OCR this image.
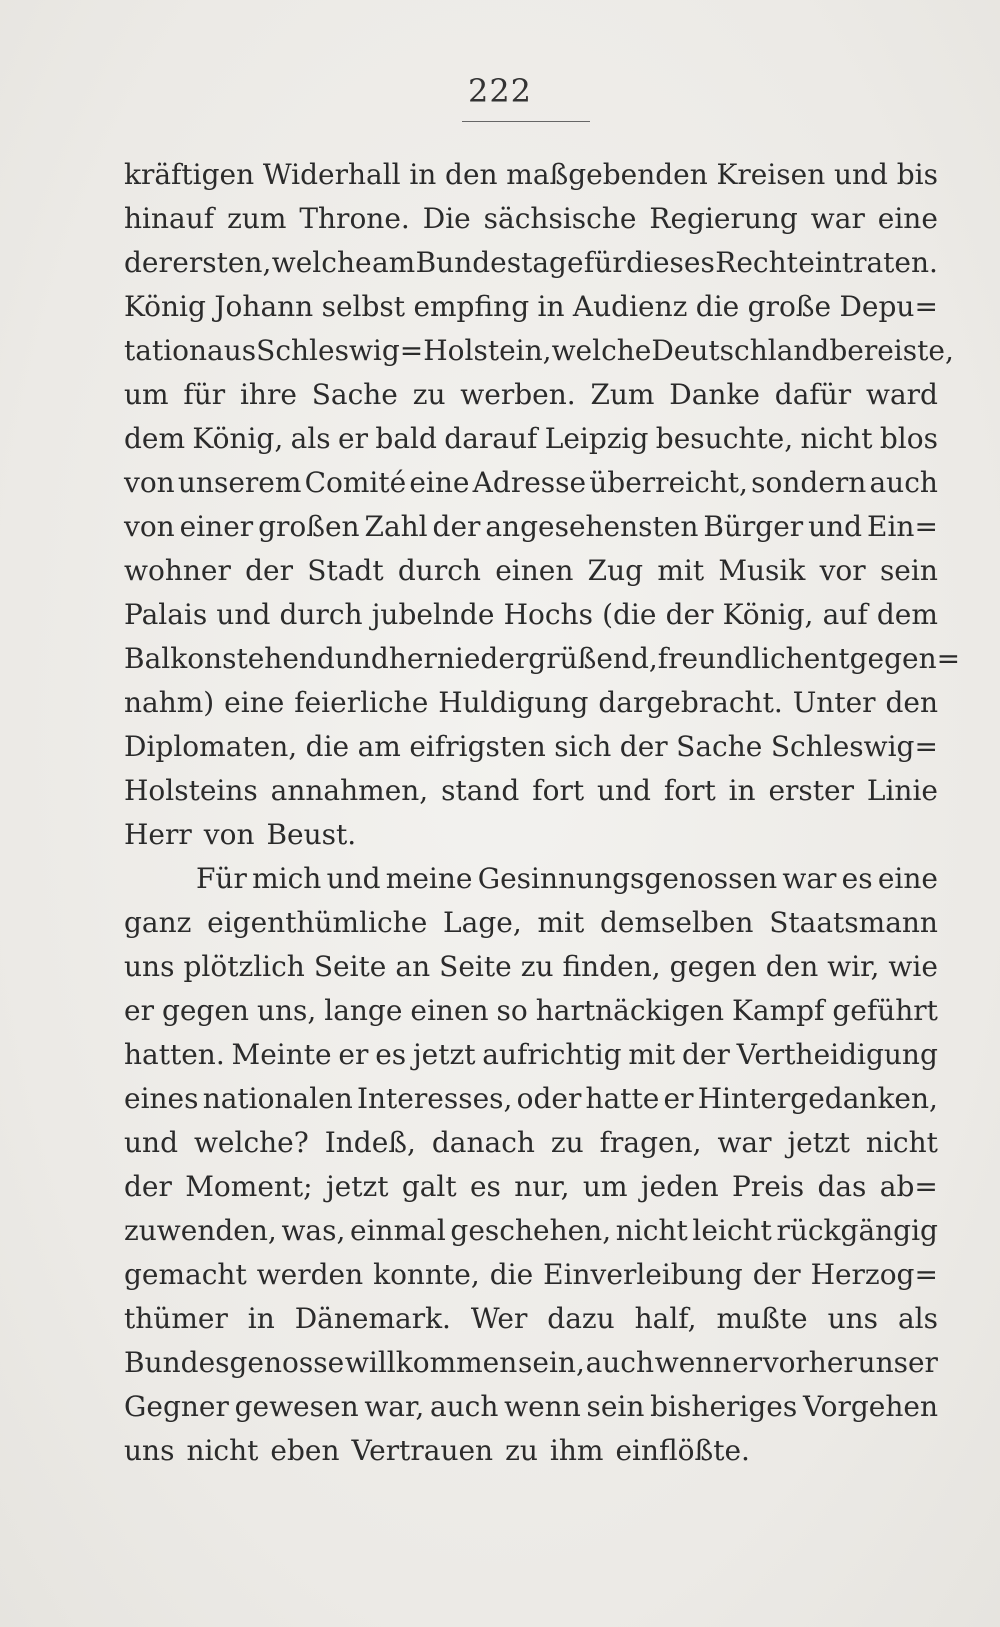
222
kräftigen Widerhall in den maßgebenden Kreisen und bis
hinauf zum Throne. Die sächsische Regierung war eine
der ersten, welche am Bundestage für dieses Recht eintraten.
König Johann selbst empfing in Audienz die große Depu=
tation aus Schleswig=Holstein, welche Deutschland bereiste,
um für ihre Sache zu werben. Zum Danke dafür ward
dem König, als er bald darauf Leipzig besuchte, nicht blos
von unserem Comité eine Adresse überreicht, sondern auch
von einer großen Zahl der angesehensten Bürger und Ein=
wohner der Stadt durch einen Zug mit Musik vor sein
Palais und durch jubelnde Hochs (die der König, auf dem
Balkon stehend und hernieder grüßend, freundlich entgegen=
nahm) eine feierliche Huldigung dargebracht. Unter den
Diplomaten, die am eifrigsten sich der Sache Schleswig=
Holsteins annahmen, stand fort und fort in erster Linie
Herr von Beust.
Für mich und meine Gesinnungsgenossen war es eine
ganz eigenthümliche Lage, mit demselben Staatsmann
uns plötzlich Seite an Seite zu finden, gegen den wir, wie
er gegen uns, lange einen so hartnäckigen Kampf geführt
hatten. Meinte er es jetzt aufrichtig mit der Vertheidigung
eines nationalen Interesses, oder hatte er Hintergedanken,
und welche? Indeß, danach zu fragen, war jetzt nicht
der Moment; jetzt galt es nur, um jeden Preis das ab=
zuwenden, was, einmal geschehen, nicht leicht rückgängig
gemacht werden konnte, die Einverleibung der Herzog=
thümer in Dänemark. Wer dazu half, mußte uns als
Bundesgenosse willkommen sein, auch wenn er vorher unser
Gegner gewesen war, auch wenn sein bisheriges Vorgehen
uns nicht eben Vertrauen zu ihm einflößte.
